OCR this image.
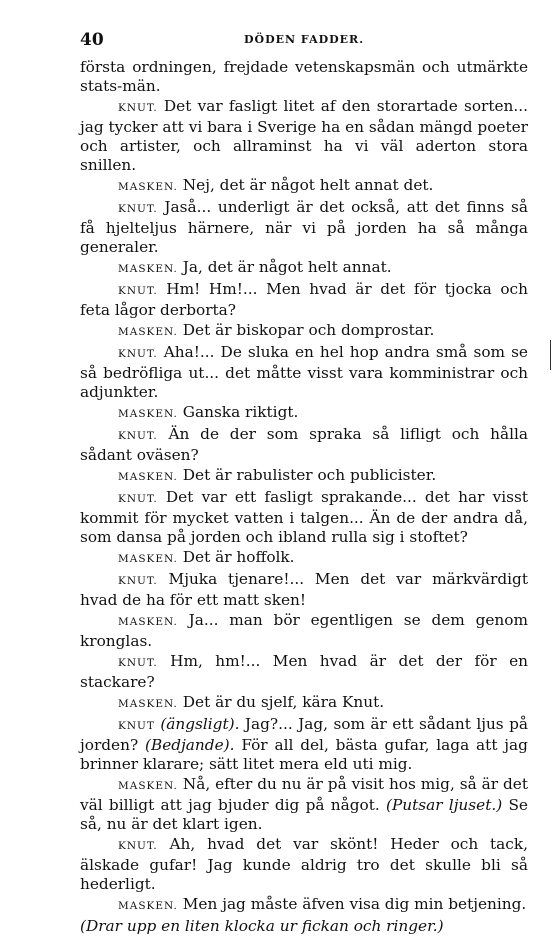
40	DÖDEN FADDER.

första ordningen, frejdade vetenskapsmän och utmärkte stats-män.

KNUT. Det var fasligt litet af den storartade sorten... jag tycker att vi bara i Sverige ha en sådan mängd poeter och artister, och allraminst ha vi väl aderton stora snillen.

MASKEN. Nej, det är något helt annat det.

KNUT. Jaså... underligt är det också, att det finns så få hjelteljus härnere, när vi på jorden ha så många generaler.

MASKEN. Ja, det är något helt annat.

KNUT. Hm! Hm!... Men hvad är det för tjocka och feta lågor derborta?

MASKEN. Det är biskopar och domprostar.

KNUT. Aha!... De sluka en hel hop andra små som se så bedröfliga ut... det måtte visst vara komministrar och adjunkter.

MASKEN. Ganska riktigt.

KNUT. Än de der som spraka så lifligt och hålla sådant oväsen?

MASKEN. Det är rabulister och publicister.

KNUT. Det var ett fasligt sprakande... det har visst kommit för mycket vatten i talgen... Än de der andra då, som dansa på jorden och ibland rulla sig i stoftet?

MASKEN. Det är hoffolk.

KNUT. Mjuka tjenare!... Men det var märkvärdigt hvad de ha för ett matt sken!

MASKEN. Ja... man bör egentligen se dem genom kronglas.

KNUT. Hm, hm!... Men hvad är det der för en stackare?

MASKEN. Det är du sjelf, kära Knut.

KNUT (ängsligt). Jag?... Jag, som är ett sådant ljus på jorden? (Bedjande). För all del, bästa gufar, laga att jag brinner klarare; sätt litet mera eld uti mig.

MASKEN. Nå, efter du nu är på visit hos mig, så är det väl billigt att jag bjuder dig på något. (Putsar ljuset.) Se så, nu är det klart igen.

KNUT. Ah, hvad det var skönt! Heder och tack, älskade gufar! Jag kunde aldrig tro det skulle bli så hederligt.

MASKEN. Men jag måste äfven visa dig min betjening.

(Drar upp en liten klocka ur fickan och ringer.)
